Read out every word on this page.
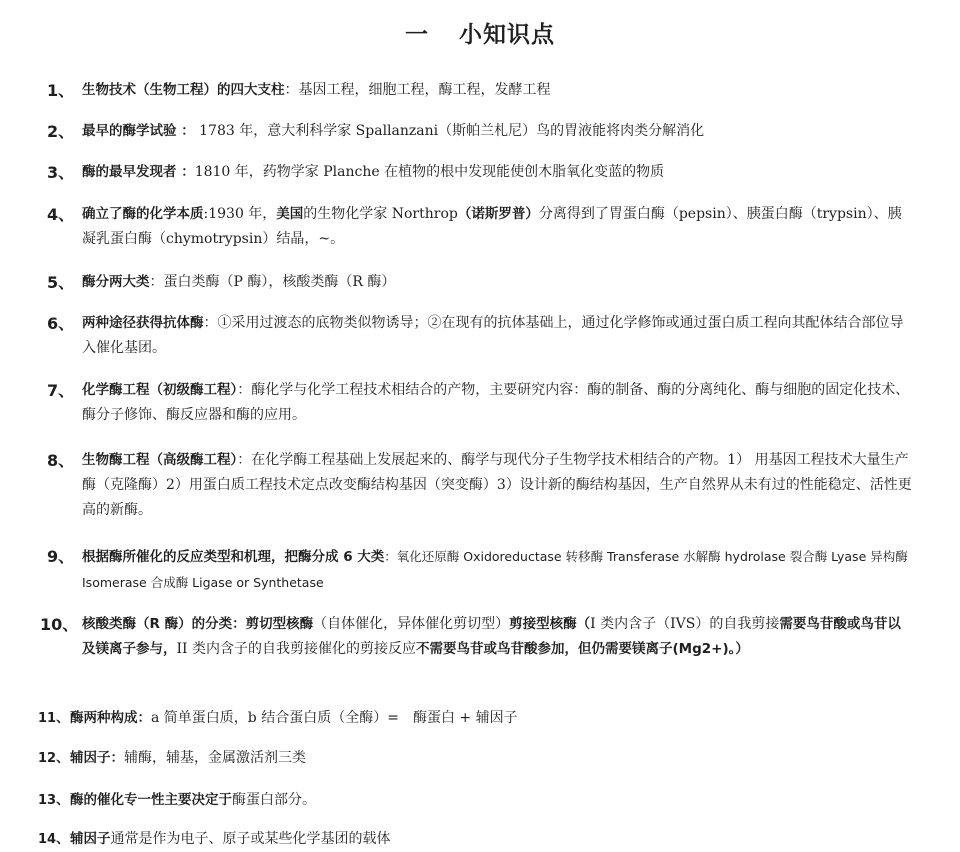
一 小知识点
1、 生物技术（生物工程）的四大支柱：基因工程，细胞工程，酶工程，发酵工程
2、 最早的酶学试验 ： 1783 年，意大利科学家 Spallanzani（斯帕兰札尼）鸟的胃液能将肉类分解消化
3、 酶的最早发现者 ：1810 年，药物学家 Planche 在植物的根中发现能使创木脂氧化变蓝的物质
4、 确立了酶的化学本质:1930 年，美国的生物化学家 Northrop（诺斯罗普）分离得到了胃蛋白酶（pepsin）、胰蛋白酶（trypsin）、胰凝乳蛋白酶（chymotrypsin）结晶，~。
5、 酶分两大类：蛋白类酶（P 酶），核酸类酶（R 酶）
6、 两种途径获得抗体酶：①采用过渡态的底物类似物诱导；②在现有的抗体基础上，通过化学修饰或通过蛋白质工程向其配体结合部位导入催化基团。
7、 化学酶工程（初级酶工程）：酶化学与化学工程技术相结合的产物，主要研究内容：酶的制备、酶的分离纯化、酶与细胞的固定化技术、酶分子修饰、酶反应器和酶的应用。
8、 生物酶工程（高级酶工程）：在化学酶工程基础上发展起来的、酶学与现代分子生物学技术相结合的产物。1） 用基因工程技术大量生产酶（克隆酶）2）用蛋白质工程技术定点改变酶结构基因（突变酶）3）设计新的酶结构基因，生产自然界从未有过的性能稳定、活性更高的新酶。
9、 根据酶所催化的反应类型和机理，把酶分成 6 大类：氧化还原酶 Oxidoreductase 转移酶 Transferase 水解酶 hydrolase 裂合酶 Lyase 异构酶 Isomerase 合成酶 Ligase or Synthetase
10、 核酸类酶（R 酶）的分类：剪切型核酶（自体催化，异体催化剪切型）剪接型核酶（I 类内含子（IVS）的自我剪接需要鸟苷酸或鸟苷以及镁离子参与，II 类内含子的自我剪接催化的剪接反应不需要鸟苷或鸟苷酸参加，但仍需要镁离子(Mg2+)。）
11、 酶两种构成：a 简单蛋白质，b 结合蛋白质（全酶）=　酶蛋白 + 辅因子
12、 辅因子：辅酶，辅基，金属激活剂三类
13、 酶的催化专一性主要决定于酶蛋白部分。
14、 辅因子通常是作为电子、原子或某些化学基团的载体
